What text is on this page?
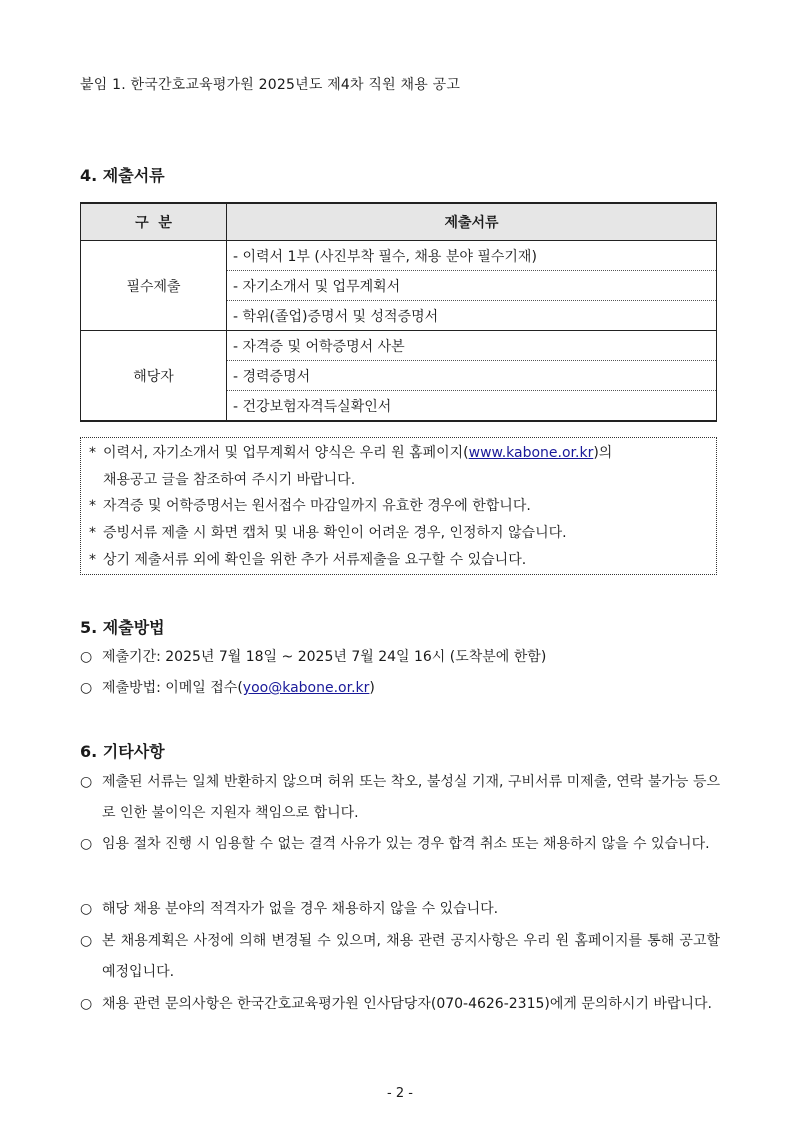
붙임 1. 한국간호교육평가원 2025년도 제4차 직원 채용 공고
4. 제출서류
구  분	제출서류
필수제출	- 이력서 1부 (사진부착 필수, 채용 분야 필수기재)
	- 자기소개서 및 업무계획서
	- 학위(졸업)증명서 및 성적증명서
해당자	- 자격증 및 어학증명서 사본
	- 경력증명서
	- 건강보험자격득실확인서
* 이력서, 자기소개서 및 업무계획서 양식은 우리 원 홈페이지(www.kabone.or.kr)의
채용공고 글을 참조하여 주시기 바랍니다.
* 자격증 및 어학증명서는 원서접수 마감일까지 유효한 경우에 한합니다.
* 증빙서류 제출 시 화면 캡처 및 내용 확인이 어려운 경우, 인정하지 않습니다.
* 상기 제출서류 외에 확인을 위한 추가 서류제출을 요구할 수 있습니다.
5. 제출방법
○ 제출기간: 2025년 7월 18일 ~ 2025년 7월 24일 16시 (도착분에 한함)
○ 제출방법: 이메일 접수(yoo@kabone.or.kr)
6. 기타사항
○ 제출된 서류는 일체 반환하지 않으며 허위 또는 착오, 불성실 기재, 구비서류 미제출, 연락 불가능 등으로 인한 불이익은 지원자 책임으로 합니다.
○ 임용 절차 진행 시 임용할 수 없는 결격 사유가 있는 경우 합격 취소 또는 채용하지 않을 수 있습니다.
○ 해당 채용 분야의 적격자가 없을 경우 채용하지 않을 수 있습니다.
○ 본 채용계획은 사정에 의해 변경될 수 있으며, 채용 관련 공지사항은 우리 원 홈페이지를 통해 공고할 예정입니다.
○ 채용 관련 문의사항은 한국간호교육평가원 인사담당자(070-4626-2315)에게 문의하시기 바랍니다.
- 2 -
